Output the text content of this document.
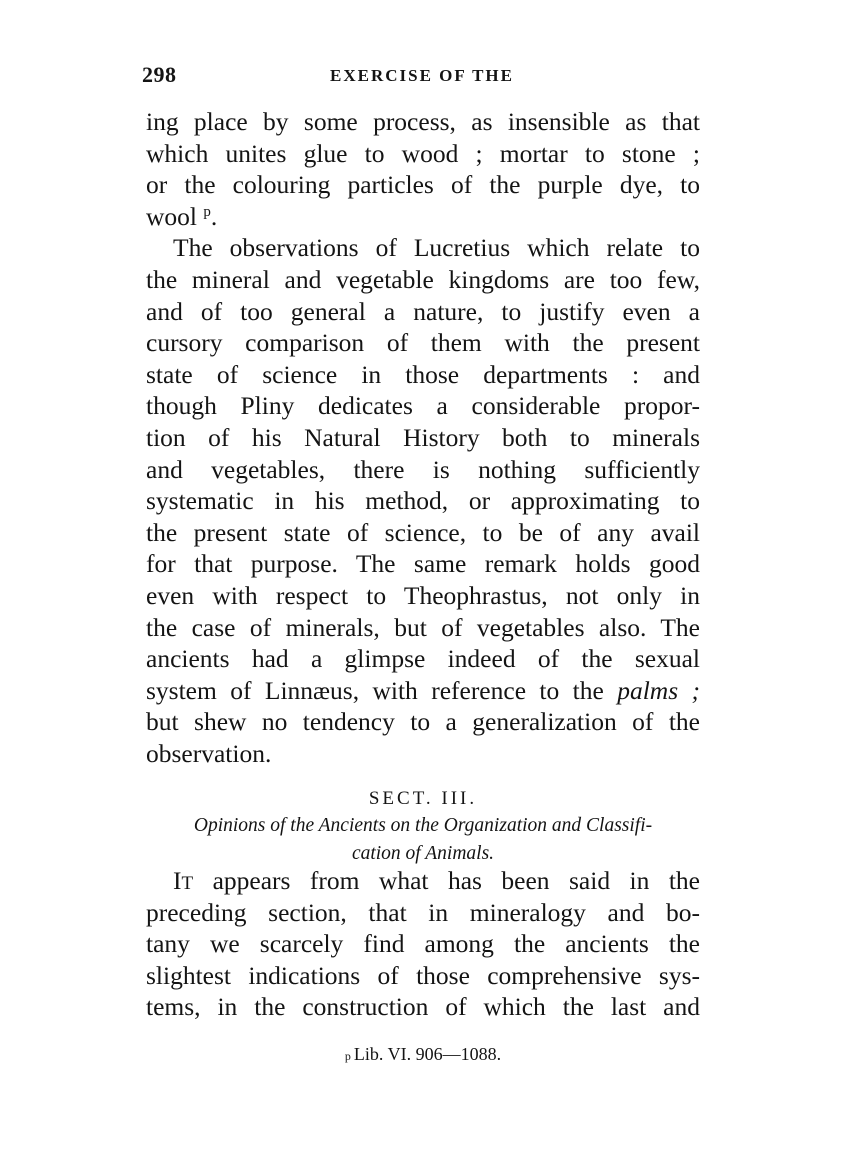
298	EXERCISE OF THE
ing place by some process, as insensible as that
which unites glue to wood ; mortar to stone ;
or the colouring particles of the purple dye, to
wool $^p$.
The observations of Lucretius which relate to
the mineral and vegetable kingdoms are too few,
and of too general a nature, to justify even a
cursory comparison of them with the present
state of science in those departments : and
though Pliny dedicates a considerable propor-
tion of his Natural History both to minerals
and vegetables, there is nothing sufficiently
systematic in his method, or approximating to
the present state of science, to be of any avail
for that purpose. The same remark holds good
even with respect to Theophrastus, not only in
the case of minerals, but of vegetables also. The
ancients had a glimpse indeed of the sexual
system of Linnæus, with reference to the palms ;
but shew no tendency to a generalization of the
observation.
SECT. III.
Opinions of the Ancients on the Organization and Classifi-
cation of Animals.
IT appears from what has been said in the
preceding section, that in mineralogy and bo-
tany we scarcely find among the ancients the
slightest indications of those comprehensive sys-
tems, in the construction of which the last and
p Lib. VI. 906—1088.
